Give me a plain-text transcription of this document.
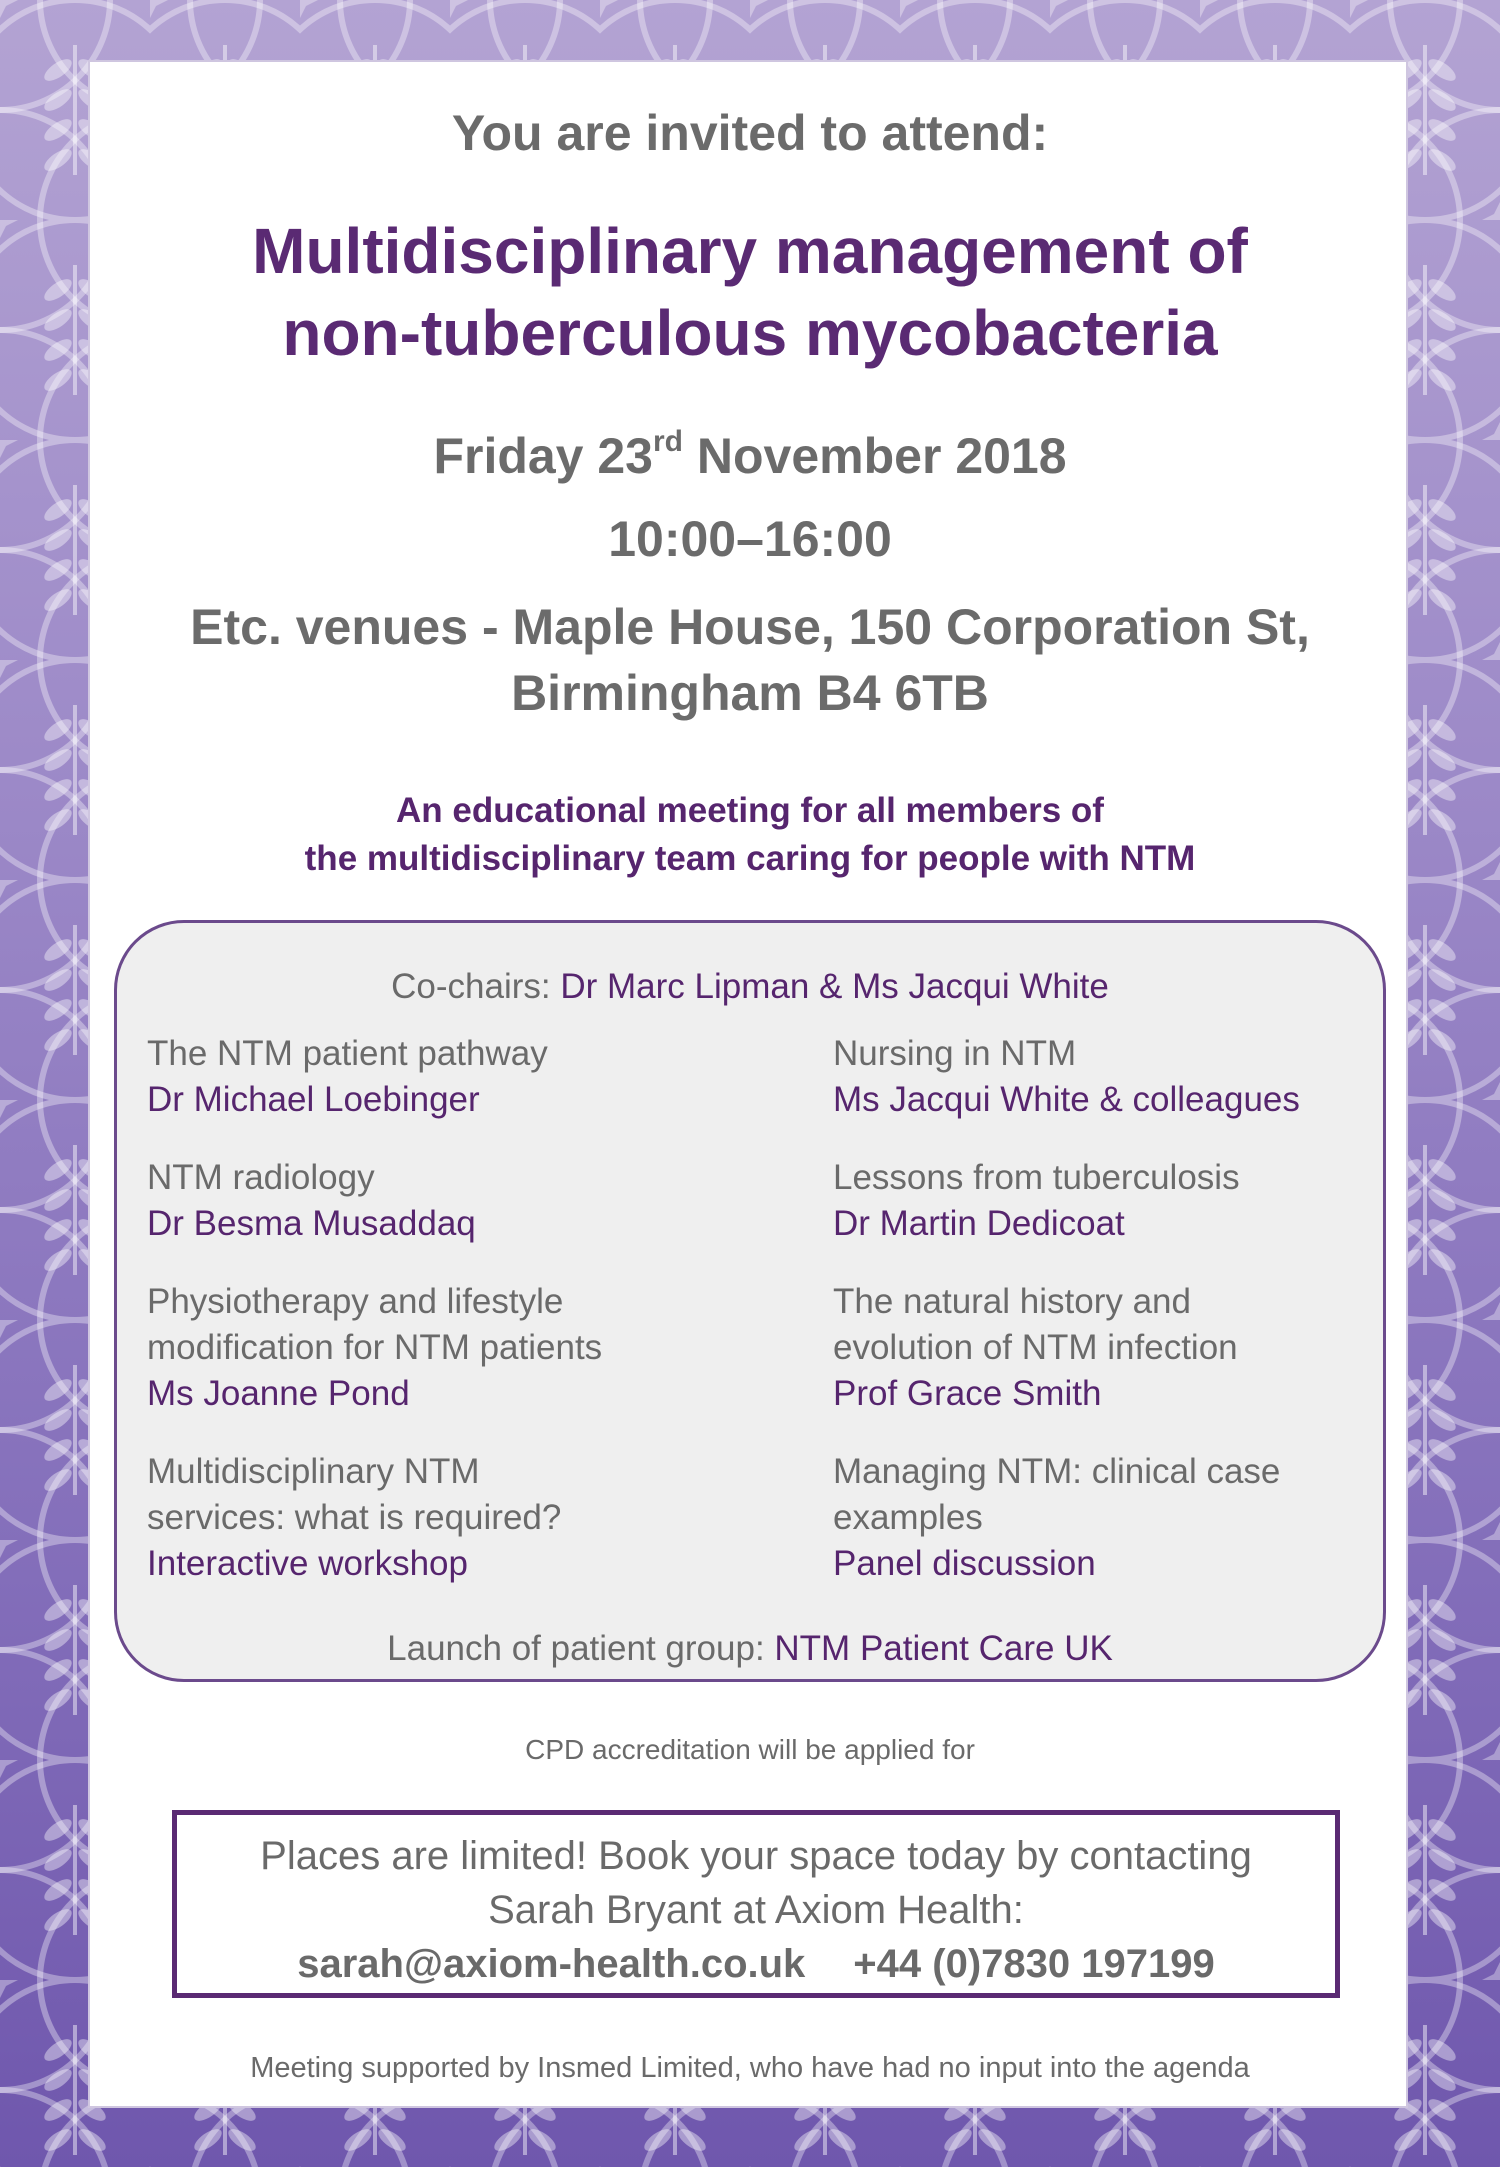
You are invited to attend:

Multidisciplinary management of
non-tuberculous mycobacteria

Friday 23rd November 2018

10:00–16:00

Etc. venues - Maple House, 150 Corporation St,
Birmingham B4 6TB
An educational meeting for all members of
the multidisciplinary team caring for people with NTM
Co-chairs: Dr Marc Lipman & Ms Jacqui White
The NTM patient pathway
Dr Michael Loebinger
Nursing in NTM
Ms Jacqui White & colleagues
NTM radiology
Dr Besma Musaddaq
Lessons from tuberculosis
Dr Martin Dedicoat
Physiotherapy and lifestyle
modification for NTM patients
Ms Joanne Pond
The natural history and
evolution of NTM infection
Prof Grace Smith
Multidisciplinary NTM
services: what is required?
Interactive workshop
Managing NTM: clinical case
examples
Panel discussion
Launch of patient group: NTM Patient Care UK

CPD accreditation will be applied for

Places are limited! Book your space today by contacting
Sarah Bryant at Axiom Health:
sarah@axiom-health.co.uk +44 (0)7830 197199

Meeting supported by Insmed Limited, who have had no input into the agenda
